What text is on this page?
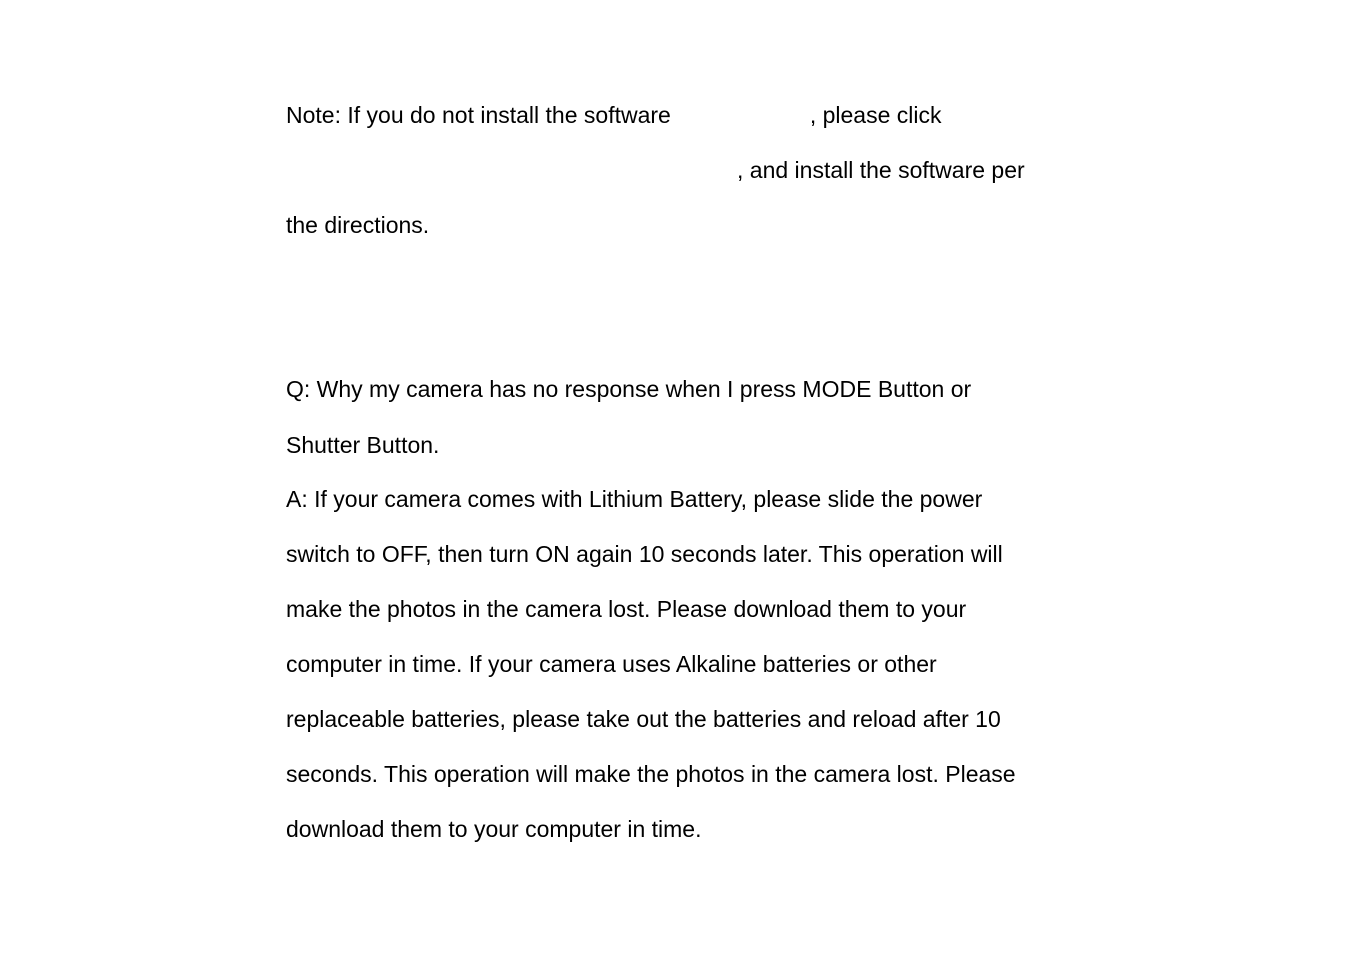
Note: If you do not install the software	, please click
, and install the software per
the directions.
Q: Why my camera has no response when I press MODE Button or
Shutter Button.
A: If your camera comes with Lithium Battery, please slide the power
switch to OFF, then turn ON again 10 seconds later. This operation will
make the photos in the camera lost. Please download them to your
computer in time. If your camera uses Alkaline batteries or other
replaceable batteries, please take out the batteries and reload after 10
seconds. This operation will make the photos in the camera lost. Please
download them to your computer in time.
